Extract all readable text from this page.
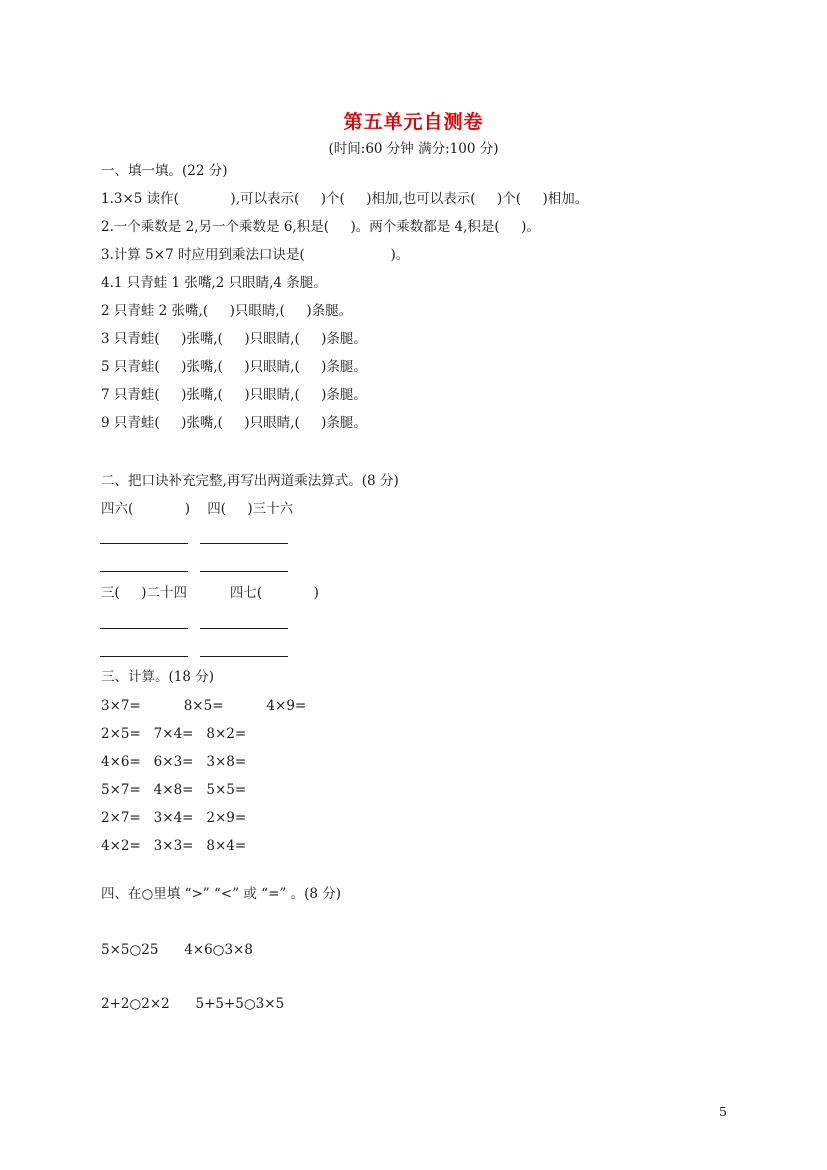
第五单元自测卷
(时间:60 分钟 满分:100 分)
一、填一填。(22 分)
1.3×5 读作(            ),可以表示(     )个(     )相加,也可以表示(     )个(     )相加。
2.一个乘数是 2,另一个乘数是 6,积是(     )。两个乘数都是 4,积是(     )。
3.计算 5×7 时应用到乘法口诀是(                    )。
4.1 只青蛙 1 张嘴,2 只眼睛,4 条腿。
2 只青蛙 2 张嘴,(     )只眼睛,(     )条腿。
3 只青蛙(     )张嘴,(     )只眼睛,(     )条腿。
5 只青蛙(     )张嘴,(     )只眼睛,(     )条腿。
7 只青蛙(     )张嘴,(     )只眼睛,(     )条腿。
9 只青蛙(     )张嘴,(     )只眼睛,(     )条腿。
二、把口诀补充完整,再写出两道乘法算式。(8 分)
四六(            )    四(     )三十六
三(     )二十四          四七(            )
三、计算。(18 分)
3×7=          8×5=          4×9=
2×5=   7×4=   8×2=
4×6=   6×3=   3×8=
5×7=   4×8=   5×5=
2×7=   3×4=   2×9=
4×2=   3×3=   8×4=
四、在○里填 “>” “<” 或 “=” 。(8 分)
5×5○25      4×6○3×8
2+2○2×2      5+5+5○3×5
5
